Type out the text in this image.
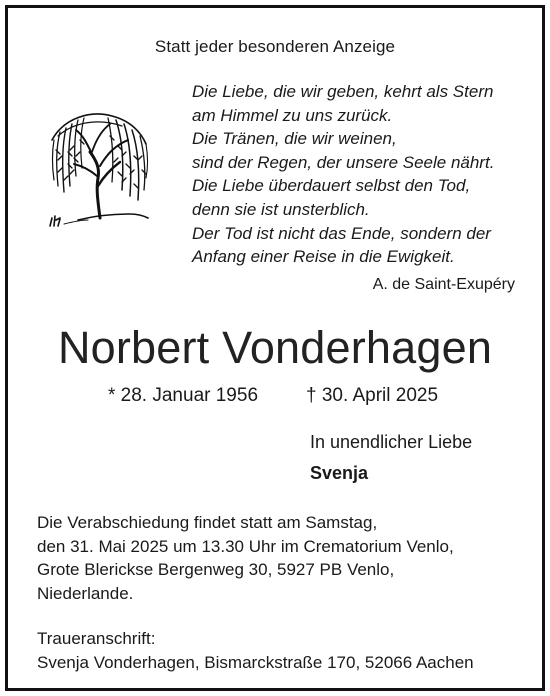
Statt jeder besonderen Anzeige
Die Liebe, die wir geben, kehrt als Stern
am Himmel zu uns zurück.
Die Tränen, die wir weinen,
sind der Regen, der unsere Seele nährt.
Die Liebe überdauert selbst den Tod,
denn sie ist unsterblich.
Der Tod ist nicht das Ende, sondern der
Anfang einer Reise in die Ewigkeit.
A. de Saint-Exupéry
Norbert Vonderhagen
* 28. Januar 1956	† 30. April 2025
In unendlicher Liebe
Svenja
Die Verabschiedung findet statt am Samstag,
den 31. Mai 2025 um 13.30 Uhr im Crematorium Venlo,
Grote Blerickse Bergenweg 30, 5927 PB Venlo,
Niederlande.
Traueranschrift:
Svenja Vonderhagen, Bismarckstraße 170, 52066 Aachen
